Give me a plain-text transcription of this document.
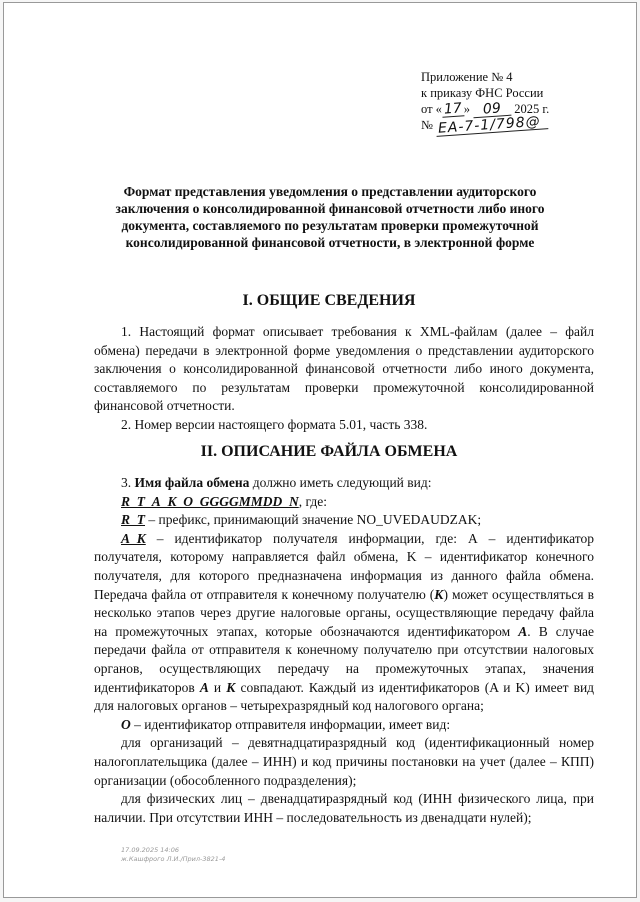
Приложение № 4
к приказу ФНС России
от «17 » 09 2025 г.
№ ЕА-7-1/798@
Формат представления уведомления о представлении аудиторского заключения о консолидированной финансовой отчетности либо иного документа, составляемого по результатам проверки промежуточной консолидированной финансовой отчетности, в электронной форме
I. ОБЩИЕ СВЕДЕНИЯ

1. Настоящий формат описывает требования к XML-файлам (далее – файл обмена) передачи в электронной форме уведомления о представлении аудиторского заключения о консолидированной финансовой отчетности либо иного документа, составляемого по результатам проверки промежуточной консолидированной финансовой отчетности.

2. Номер версии настоящего формата 5.01, часть 338.

II. ОПИСАНИЕ ФАЙЛА ОБМЕНА

3. Имя файла обмена должно иметь следующий вид:

R_T_A_K_O_GGGGMMDD_N, где:

R_T – префикс, принимающий значение NO_UVEDAUDZAK;

A_K – идентификатор получателя информации, где: А – идентификатор получателя, которому направляется файл обмена, K – идентификатор конечного получателя, для которого предназначена информация из данного файла обмена. Передача файла от отправителя к конечному получателю (К) может осуществляться в несколько этапов через другие налоговые органы, осуществляющие передачу файла на промежуточных этапах, которые обозначаются идентификатором А. В случае передачи файла от отправителя к конечному получателю при отсутствии налоговых органов, осуществляющих передачу на промежуточных этапах, значения идентификаторов А и К совпадают. Каждый из идентификаторов (A и K) имеет вид для налоговых органов – четырехразрядный код налогового органа;

O – идентификатор отправителя информации, имеет вид:

для организаций – девятнадцатиразрядный код (идентификационный номер налогоплательщика (далее – ИНН) и код причины постановки на учет (далее – КПП) организации (обособленного подразделения);

для физических лиц – двенадцатиразрядный код (ИНН физического лица, при наличии. При отсутствии ИНН – последовательность из двенадцати нулей);

17.09.2025 14:06
ж.Кашфрого Л.И./Прил-3821-4
